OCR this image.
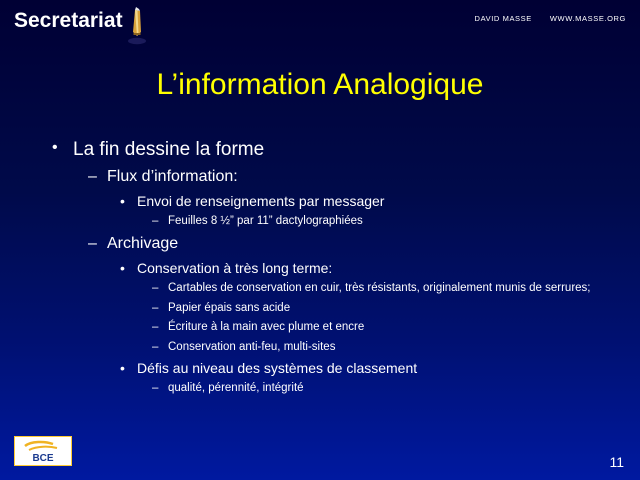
Secretariat	DAVID MASSE WWW.MASSE.ORG
L’information Analogique
• La fin dessine la forme
– Flux d’information:
• Envoi de renseignements par messager
– Feuilles 8 ½” par 11” dactylographiées
– Archivage
• Conservation à très long terme:
– Cartables de conservation en cuir, très résistants, originalement munis de serrures;
– Papier épais sans acide
– Écriture à la main avec plume et encre
– Conservation anti-feu, multi-sites
• Défis au niveau des systèmes de classement
– qualité, pérennité, intégrité
BCE	11
